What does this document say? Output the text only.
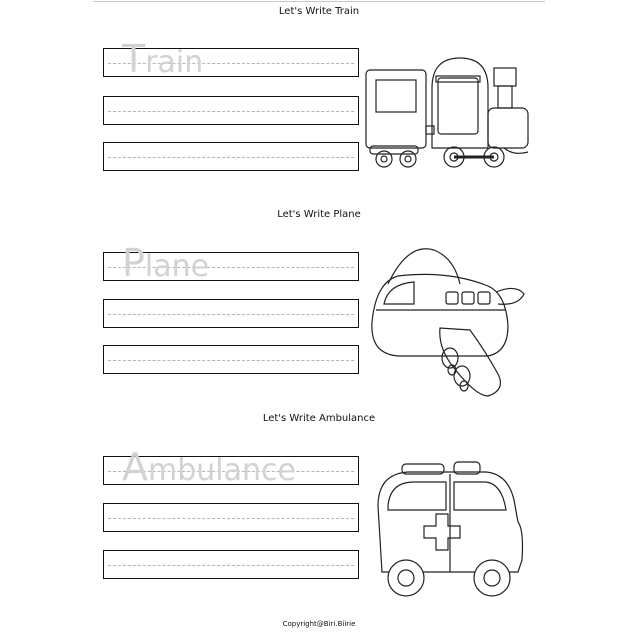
Let's Write Train
Train
Let's Write Plane
Plane
Let's Write Ambulance
Ambulance
Copyright@Biri.Biirie
